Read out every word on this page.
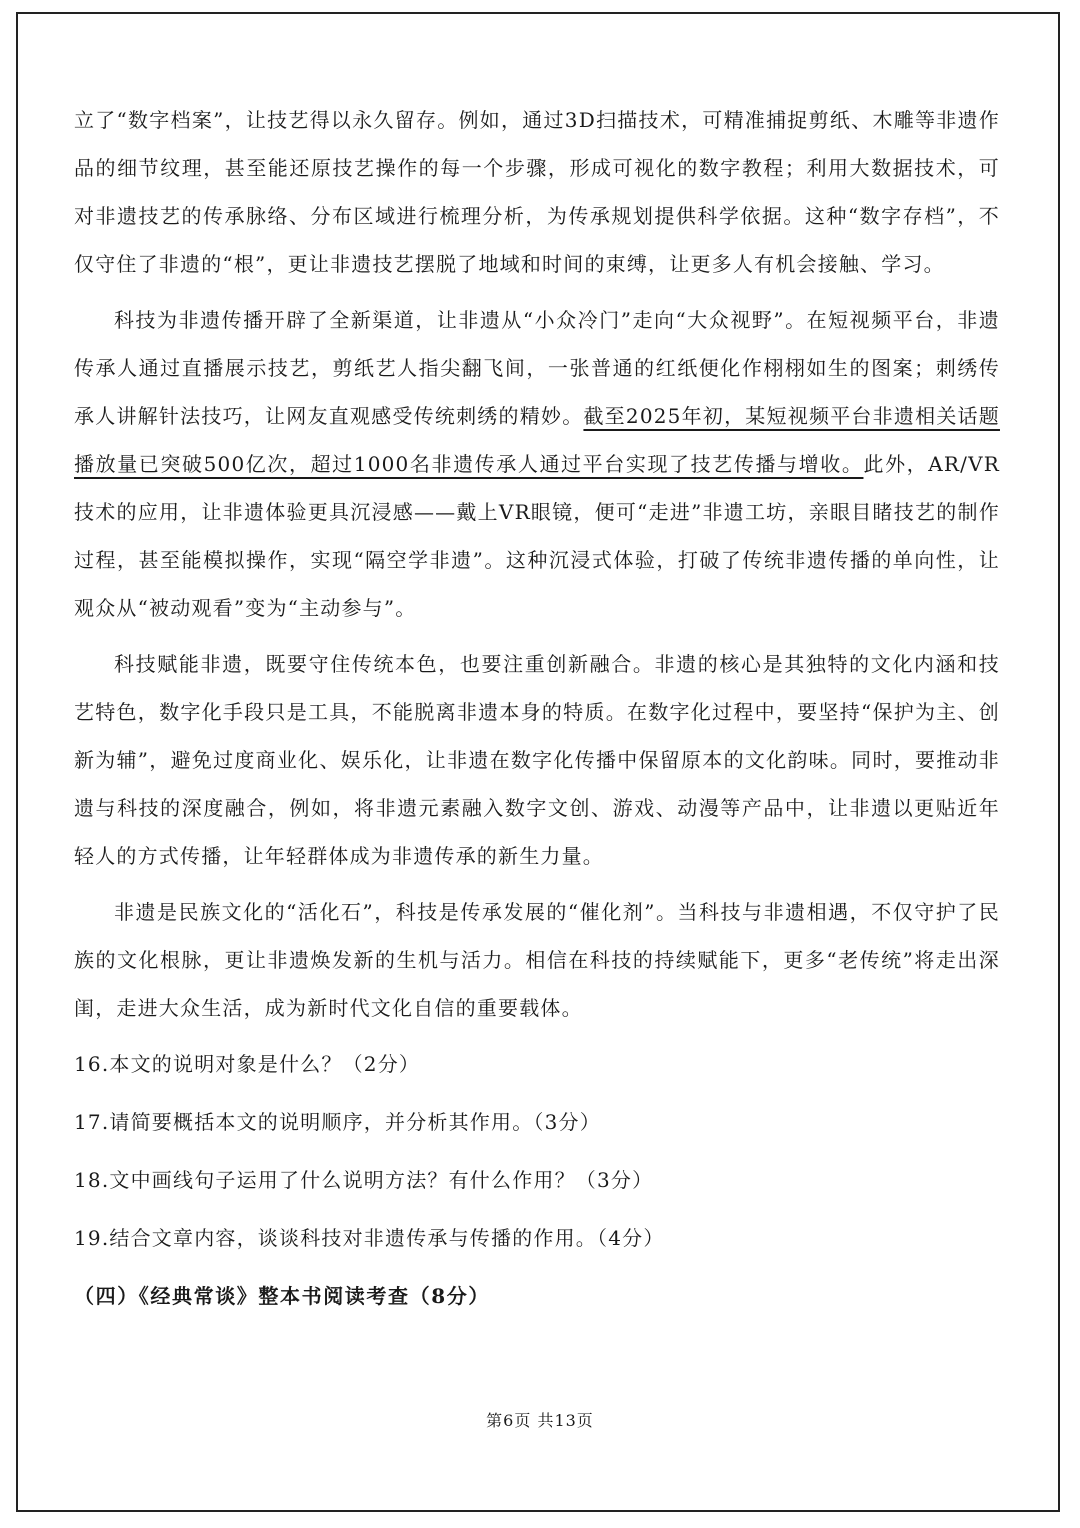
立了“数字档案”，让技艺得以永久留存。例如，通过3D扫描技术，可精准捕捉剪纸、木雕等非遗作品的细节纹理，甚至能还原技艺操作的每一个步骤，形成可视化的数字教程；利用大数据技术，可对非遗技艺的传承脉络、分布区域进行梳理分析，为传承规划提供科学依据。这种“数字存档”，不仅守住了非遗的“根”，更让非遗技艺摆脱了地域和时间的束缚，让更多人有机会接触、学习。

科技为非遗传播开辟了全新渠道，让非遗从“小众冷门”走向“大众视野”。在短视频平台，非遗传承人通过直播展示技艺，剪纸艺人指尖翻飞间，一张普通的红纸便化作栩栩如生的图案；刺绣传承人讲解针法技巧，让网友直观感受传统刺绣的精妙。截至2025年初，某短视频平台非遗相关话题播放量已突破500亿次，超过1000名非遗传承人通过平台实现了技艺传播与增收。此外，AR/VR技术的应用，让非遗体验更具沉浸感——戴上VR眼镜，便可“走进”非遗工坊，亲眼目睹技艺的制作过程，甚至能模拟操作，实现“隔空学非遗”。这种沉浸式体验，打破了传统非遗传播的单向性，让观众从“被动观看”变为“主动参与”。

科技赋能非遗，既要守住传统本色，也要注重创新融合。非遗的核心是其独特的文化内涵和技艺特色，数字化手段只是工具，不能脱离非遗本身的特质。在数字化过程中，要坚持“保护为主、创新为辅”，避免过度商业化、娱乐化，让非遗在数字化传播中保留原本的文化韵味。同时，要推动非遗与科技的深度融合，例如，将非遗元素融入数字文创、游戏、动漫等产品中，让非遗以更贴近年轻人的方式传播，让年轻群体成为非遗传承的新生力量。

非遗是民族文化的“活化石”，科技是传承发展的“催化剂”。当科技与非遗相遇，不仅守护了民族的文化根脉，更让非遗焕发新的生机与活力。相信在科技的持续赋能下，更多“老传统”将走出深闺，走进大众生活，成为新时代文化自信的重要载体。

16.本文的说明对象是什么？（2分）

17.请简要概括本文的说明顺序，并分析其作用。（3分）

18.文中画线句子运用了什么说明方法？有什么作用？（3分）

19.结合文章内容，谈谈科技对非遗传承与传播的作用。（4分）

（四）《经典常谈》整本书阅读考查（8分）

第6页 共13页
